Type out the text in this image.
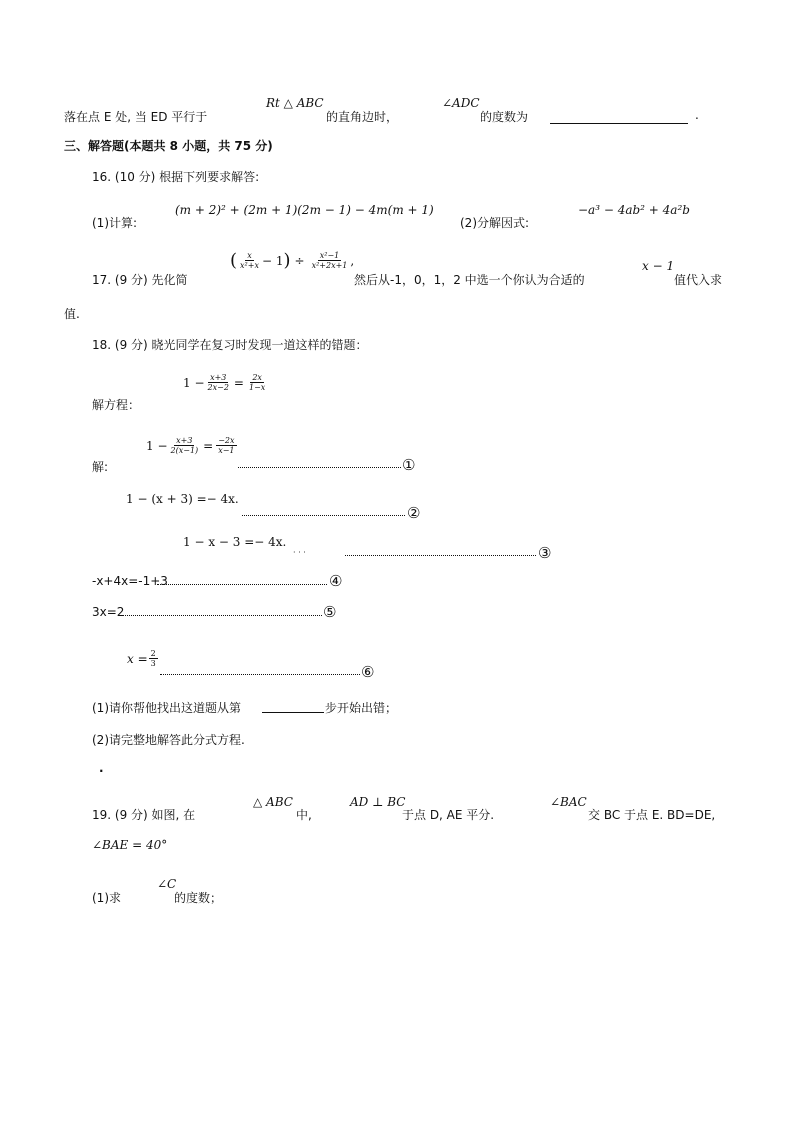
落在点 E 处, 当 ED 平行于
Rt △ ABC
的直角边时，
∠ADC
的度数为	.
三、解答题(本题共 8 小题，共 75 分)
16. (10 分) 根据下列要求解答:
(1)计算:
(m + 2)² + (2m + 1)(2m − 1) − 4m(m + 1)
(2)分解因式:
−a³ − 4ab² + 4a²b
17. (9 分) 先化简
( $\frac{x}{\text{x²+x}} - 1$ ) ÷ $\frac{\text{x²−1}}{\text{x²+2x+1}}$ ,
然后从-1，0，1，2 中选一个你认为合适的
x − 1
值代入求
值.
18. (9 分) 晓光同学在复习时发现一道这样的错题：
$1 - \frac{x+3}{2x-2} = \frac{2x}{1-x}$
解方程：
解:
$1 - \frac{x+3}{2(x-1)} = \frac{-2x}{x-1}$
①
1 − (x + 3) =− 4x.
②
1 − x − 3 =− 4x.
· · ·	③
-x+4x=-1+3	④
3x=2	⑤
$x = \frac{2}{3}$
⑥
(1)请你帮他找出这道题从第	步开始出错；
(2)请完整地解答此分式方程.
.
19. (9 分) 如图, 在
△ ABC
中,
AD ⊥ BC
于点 D, AE 平分.
∠BAC
交 BC 于点 E. BD=DE,
∠BAE = 40°
(1)求
∠C
的度数；
